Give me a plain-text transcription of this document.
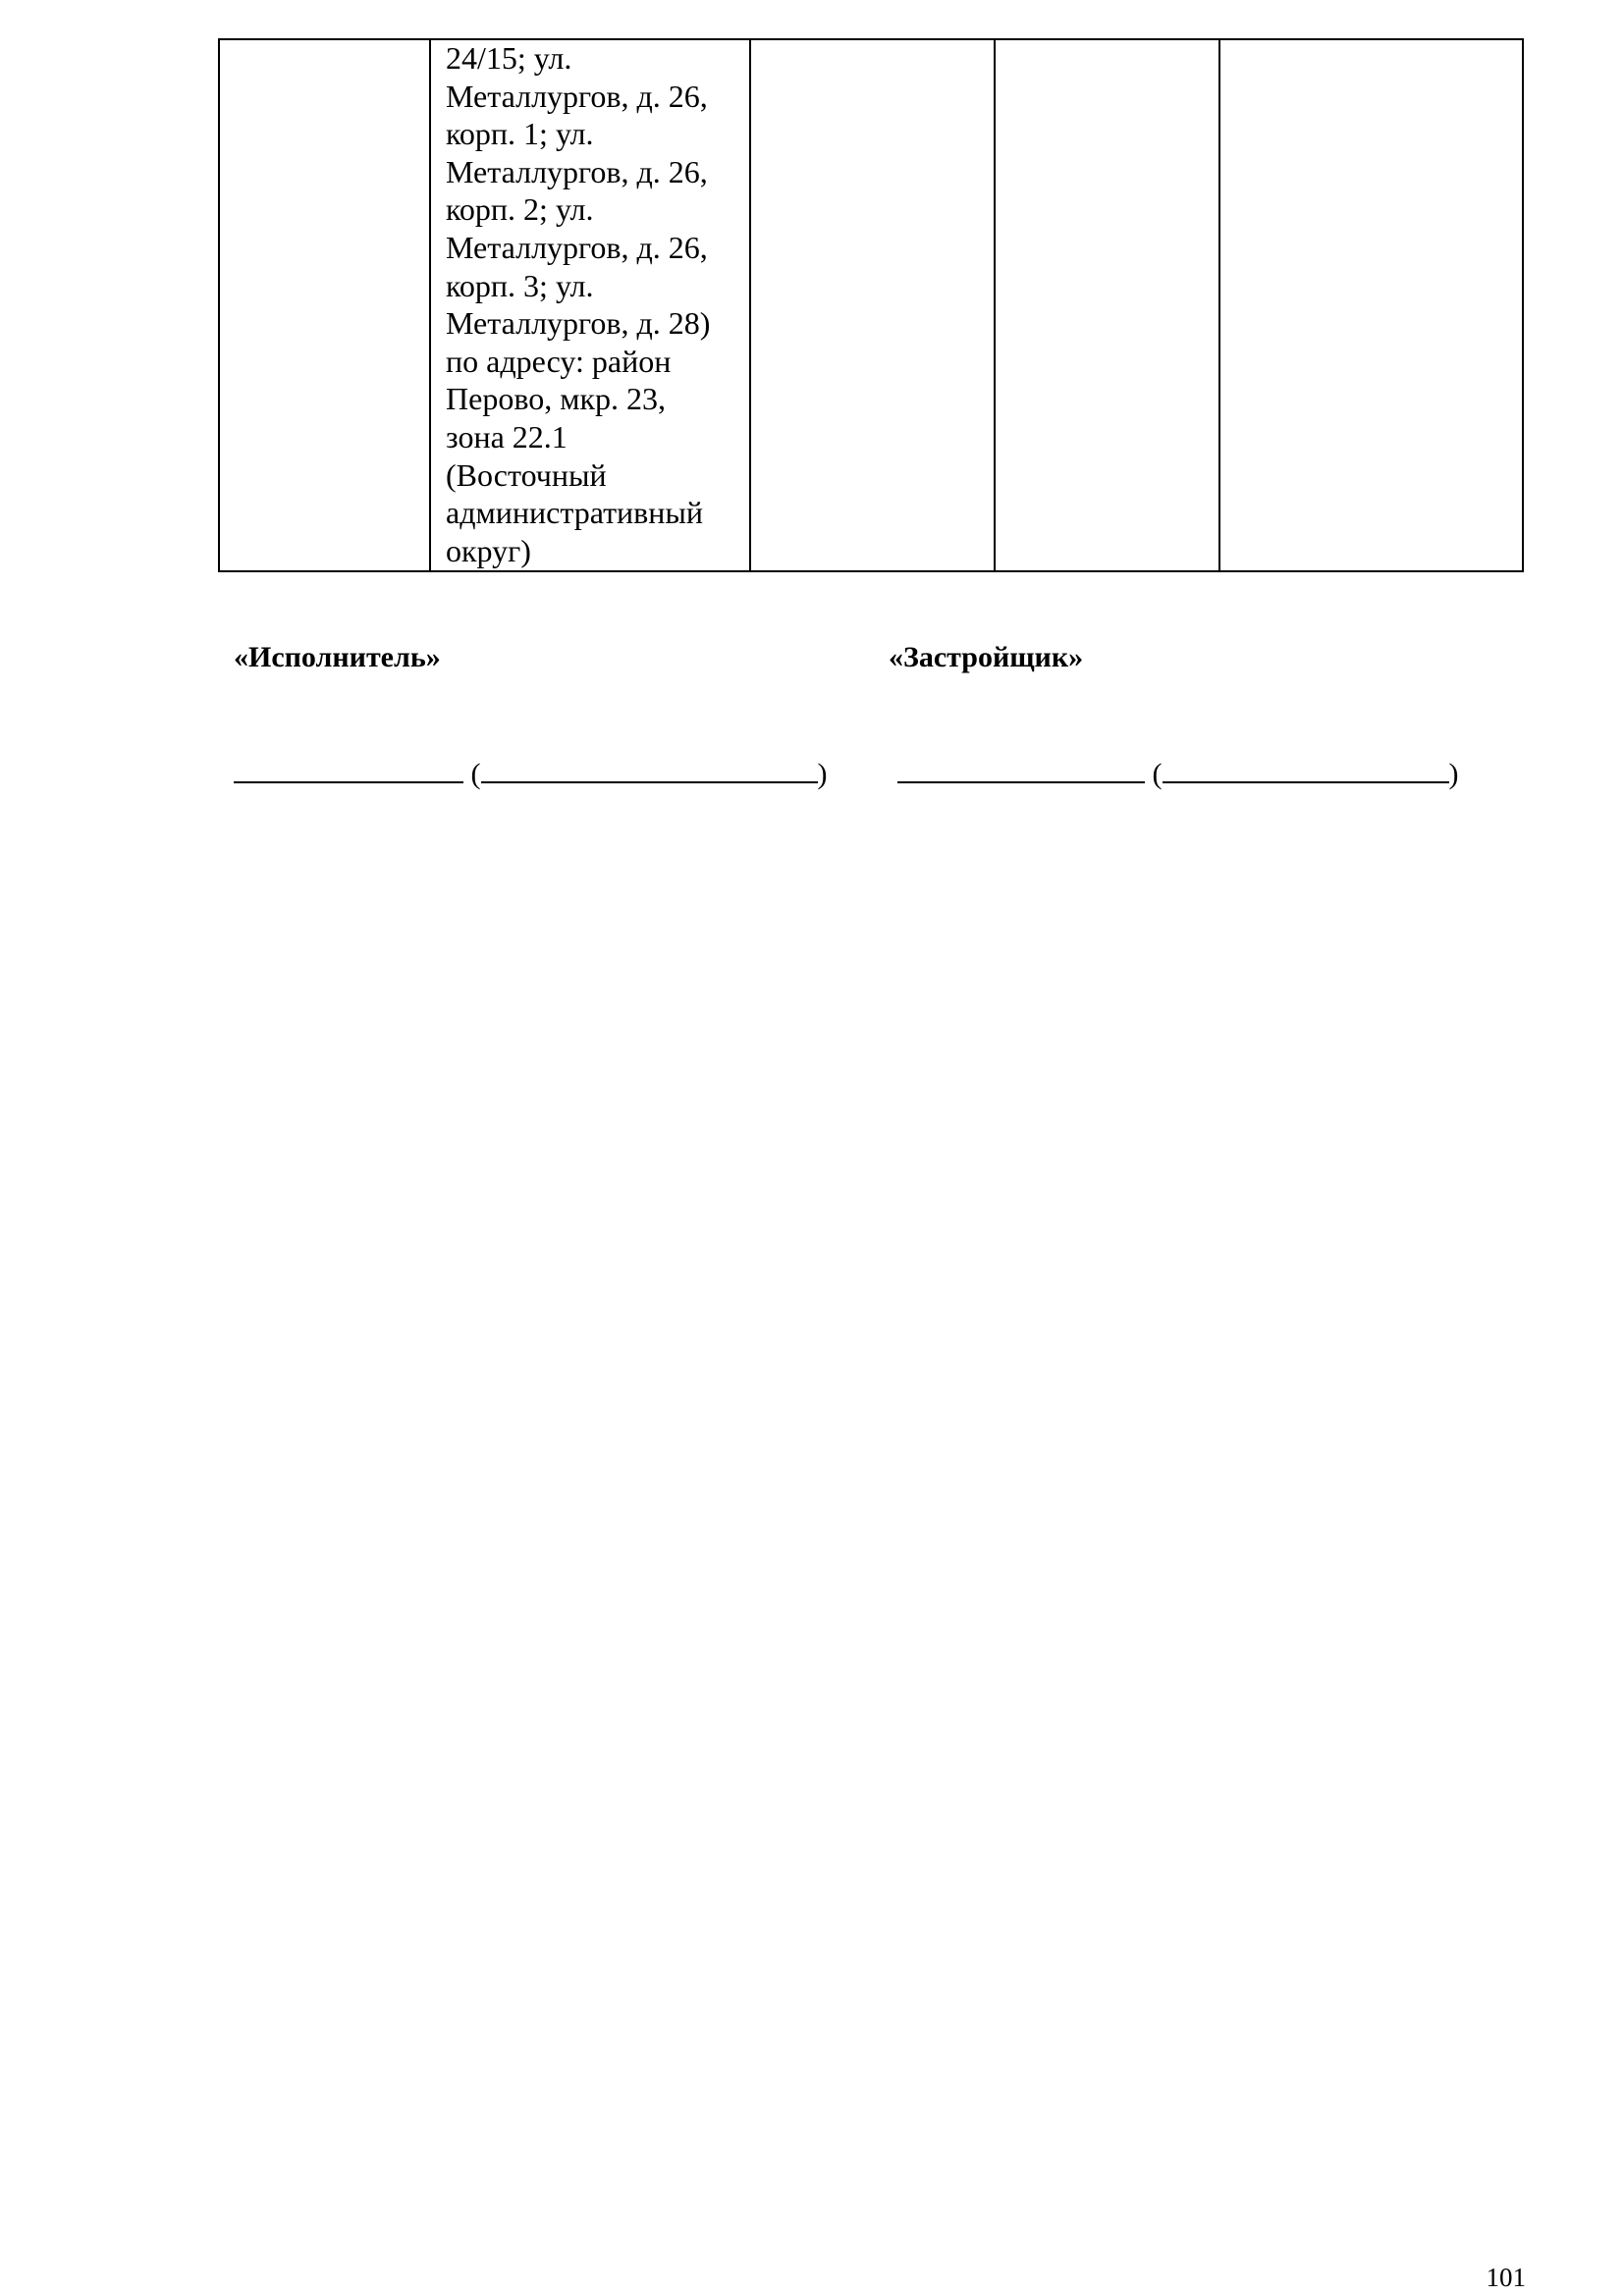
24/15; ул.
Металлургов, д. 26,
корп. 1; ул.
Металлургов, д. 26,
корп. 2; ул.
Металлургов, д. 26,
корп. 3; ул.
Металлургов, д. 28)
по адресу: район
Перово, мкр. 23,
зона 22.1
(Восточный
административный
округ)

«Исполнитель»	«Застройщик»
(	)	(	)
101
